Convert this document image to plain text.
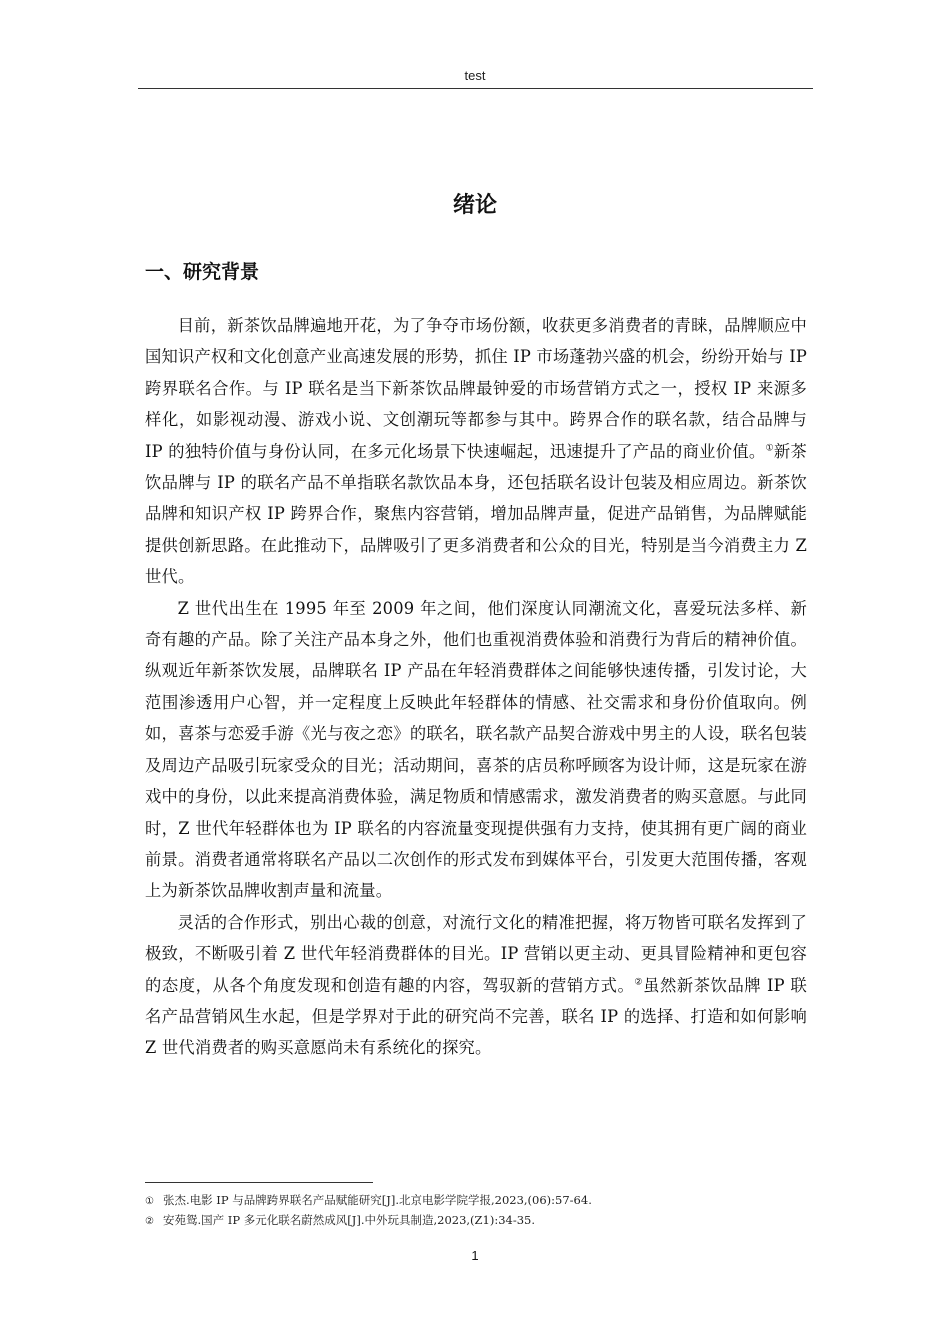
test
绪论
一、研究背景

目前，新茶饮品牌遍地开花，为了争夺市场份额，收获更多消费者的青睐，品牌顺应中国知识产权和文化创意产业高速发展的形势，抓住 IP 市场蓬勃兴盛的机会，纷纷开始与 IP 跨界联名合作。与 IP 联名是当下新茶饮品牌最钟爱的市场营销方式之一，授权 IP 来源多样化，如影视动漫、游戏小说、文创潮玩等都参与其中。跨界合作的联名款，结合品牌与 IP 的独特价值与身份认同，在多元化场景下快速崛起，迅速提升了产品的商业价值。①新茶饮品牌与 IP 的联名产品不单指联名款饮品本身，还包括联名设计包装及相应周边。新茶饮品牌和知识产权 IP 跨界合作，聚焦内容营销，增加品牌声量，促进产品销售，为品牌赋能提供创新思路。在此推动下，品牌吸引了更多消费者和公众的目光，特别是当今消费主力 Z 世代。

Z 世代出生在 1995 年至 2009 年之间，他们深度认同潮流文化，喜爱玩法多样、新奇有趣的产品。除了关注产品本身之外，他们也重视消费体验和消费行为背后的精神价值。纵观近年新茶饮发展，品牌联名 IP 产品在年轻消费群体之间能够快速传播，引发讨论，大范围渗透用户心智，并一定程度上反映此年轻群体的情感、社交需求和身份价值取向。例如，喜茶与恋爱手游《光与夜之恋》的联名，联名款产品契合游戏中男主的人设，联名包装及周边产品吸引玩家受众的目光；活动期间，喜茶的店员称呼顾客为设计师，这是玩家在游戏中的身份，以此来提高消费体验，满足物质和情感需求，激发消费者的购买意愿。与此同时，Z 世代年轻群体也为 IP 联名的内容流量变现提供强有力支持，使其拥有更广阔的商业前景。消费者通常将联名产品以二次创作的形式发布到媒体平台，引发更大范围传播，客观上为新茶饮品牌收割声量和流量。

灵活的合作形式，别出心裁的创意，对流行文化的精准把握，将万物皆可联名发挥到了极致，不断吸引着 Z 世代年轻消费群体的目光。IP 营销以更主动、更具冒险精神和更包容的态度，从各个角度发现和创造有趣的内容，驾驭新的营销方式。②虽然新茶饮品牌 IP 联名产品营销风生水起，但是学界对于此的研究尚不完善，联名 IP 的选择、打造和如何影响 Z 世代消费者的购买意愿尚未有系统化的探究。

① 张杰.电影 IP 与品牌跨界联名产品赋能研究[J].北京电影学院学报,2023,(06):57-64.
② 安苑鸳.国产 IP 多元化联名蔚然成风[J].中外玩具制造,2023,(Z1):34-35.
1
